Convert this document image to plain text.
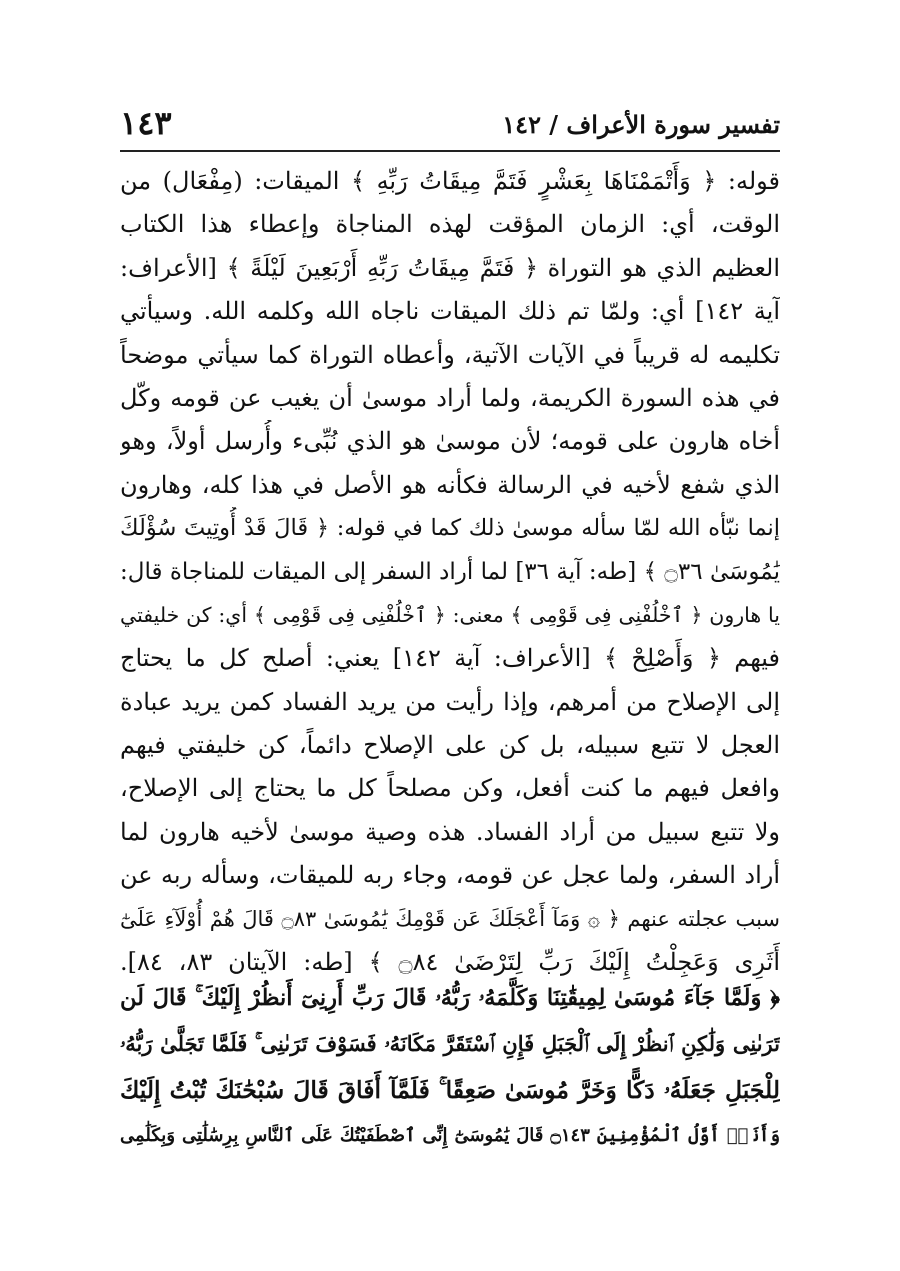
تفسير سورة الأعراف / ١٤٢
١٤٣
قوله: ﴿ وَأَتْمَمْنَاهَا بِعَشْرٍ فَتَمَّ مِيقَاتُ رَبِّهِ ﴾ الميقات: (مِفْعَال) من
الوقت، أي: الزمان المؤقت لهذه المناجاة وإعطاء هذا الكتاب
العظيم الذي هو التوراة ﴿ فَتَمَّ مِيقَاتُ رَبِّهِ أَرْبَعِينَ لَيْلَةً ﴾ [الأعراف:
آية ١٤٢] أي: ولمّا تم ذلك الميقات ناجاه الله وكلمه الله. وسيأتي
تكليمه له قريباً في الآيات الآتية، وأعطاه التوراة كما سيأتي موضحاً
في هذه السورة الكريمة، ولما أراد موسىٰ أن يغيب عن قومه وكّل
أخاه هارون على قومه؛ لأن موسىٰ هو الذي نُبِّىء وأُرسل أولاً، وهو
الذي شفع لأخيه في الرسالة فكأنه هو الأصل في هذا كله، وهارون
إنما نبّأه الله لمّا سأله موسىٰ ذلك كما في قوله: ﴿ قَالَ قَدْ أُوتِيتَ سُؤْلَكَ
يَٰمُوسَىٰ ۝٣٦ ﴾ [طه: آية ٣٦] لما أراد السفر إلى الميقات للمناجاة قال:
يا هارون ﴿ ٱخْلُفْنِى فِى قَوْمِى ﴾ معنى: ﴿ ٱخْلُفْنِى فِى قَوْمِى ﴾ أي: كن خليفتي
فيهم ﴿ وَأَصْلِحْ ﴾ [الأعراف: آية ١٤٢] يعني: أصلح كل ما يحتاج
إلى الإصلاح من أمرهم، وإذا رأيت من يريد الفساد كمن يريد عبادة
العجل لا تتبع سبيله، بل كن على الإصلاح دائماً، كن خليفتي فيهم
وافعل فيهم ما كنت أفعل، وكن مصلحاً كل ما يحتاج إلى الإصلاح،
ولا تتبع سبيل من أراد الفساد. هذه وصية موسىٰ لأخيه هارون لما
أراد السفر، ولما عجل عن قومه، وجاء ربه للميقات، وسأله ربه عن
سبب عجلته عنهم ﴿ ۞ وَمَآ أَعْجَلَكَ عَن قَوْمِكَ يَٰمُوسَىٰ ۝٨٣ قَالَ هُمْ أُوْلَآءِ عَلَىٰٓ
أَثَرِى وَعَجِلْتُ إِلَيْكَ رَبِّ لِتَرْضَىٰ ۝٨٤ ﴾ [طه: الآيتان ٨٣، ٨٤].
﴿ وَلَمَّا جَآءَ مُوسَىٰ لِمِيقَٰتِنَا وَكَلَّمَهُۥ رَبُّهُۥ قَالَ رَبِّ أَرِنِىٓ أَنظُرْ إِلَيْكَ ۚ قَالَ لَن
تَرَىٰنِى وَلَٰكِنِ ٱنظُرْ إِلَى ٱلْجَبَلِ فَإِنِ ٱسْتَقَرَّ مَكَانَهُۥ فَسَوْفَ تَرَىٰنِى ۚ فَلَمَّا تَجَلَّىٰ رَبُّهُۥ
لِلْجَبَلِ جَعَلَهُۥ دَكًّا وَخَرَّ مُوسَىٰ صَعِقًا ۚ فَلَمَّآ أَفَاقَ قَالَ سُبْحَٰنَكَ تُبْتُ إِلَيْكَ
وَأَنَا۠ أَوَّلُ ٱلْمُؤْمِنِينَ ۝١٤٣ قَالَ يَٰمُوسَىٰٓ إِنِّى ٱصْطَفَيْتُكَ عَلَى ٱلنَّاسِ بِرِسَٰلَٰتِى وَبِكَلَٰمِى
